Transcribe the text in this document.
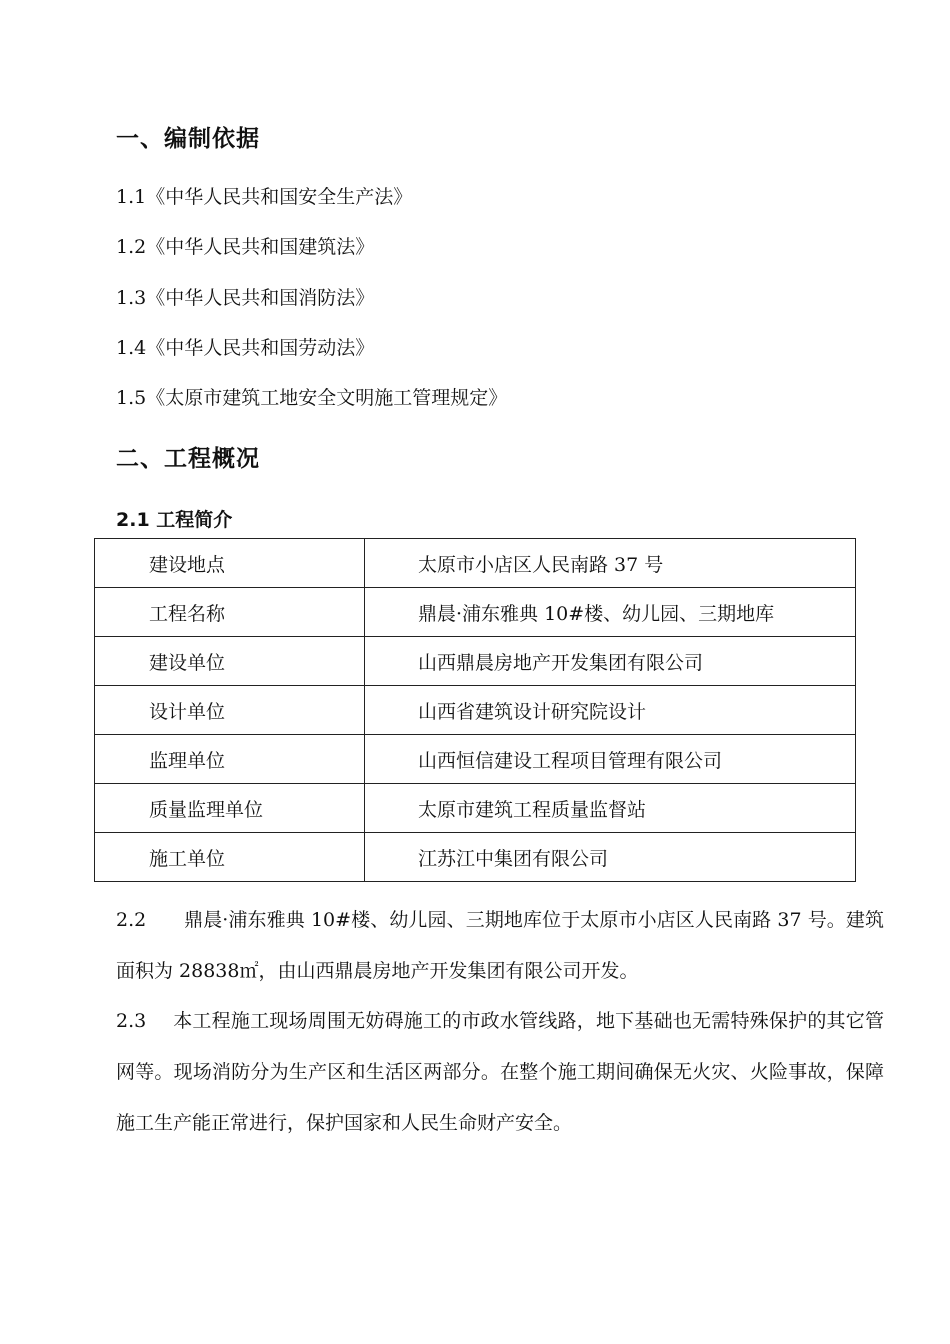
一、编制依据
1.1《中华人民共和国安全生产法》
1.2《中华人民共和国建筑法》
1.3《中华人民共和国消防法》
1.4《中华人民共和国劳动法》
1.5《太原市建筑工地安全文明施工管理规定》
二、工程概况
2.1 工程简介
建设地点	太原市小店区人民南路 37 号
工程名称	鼎晨·浦东雅典 10#楼、幼儿园、三期地库
建设单位	山西鼎晨房地产开发集团有限公司
设计单位	山西省建筑设计研究院设计
监理单位	山西恒信建设工程项目管理有限公司
质量监理单位	太原市建筑工程质量监督站
施工单位	江苏江中集团有限公司
2.2 鼎晨·浦东雅典 10#楼、幼儿园、三期地库位于太原市小店区人民南路 37 号。建筑面积为 28838㎡，由山西鼎晨房地产开发集团有限公司开发。
2.3 本工程施工现场周围无妨碍施工的市政水管线路，地下基础也无需特殊保护的其它管网等。现场消防分为生产区和生活区两部分。在整个施工期间确保无火灾、火险事故，保障施工生产能正常进行，保护国家和人民生命财产安全。
